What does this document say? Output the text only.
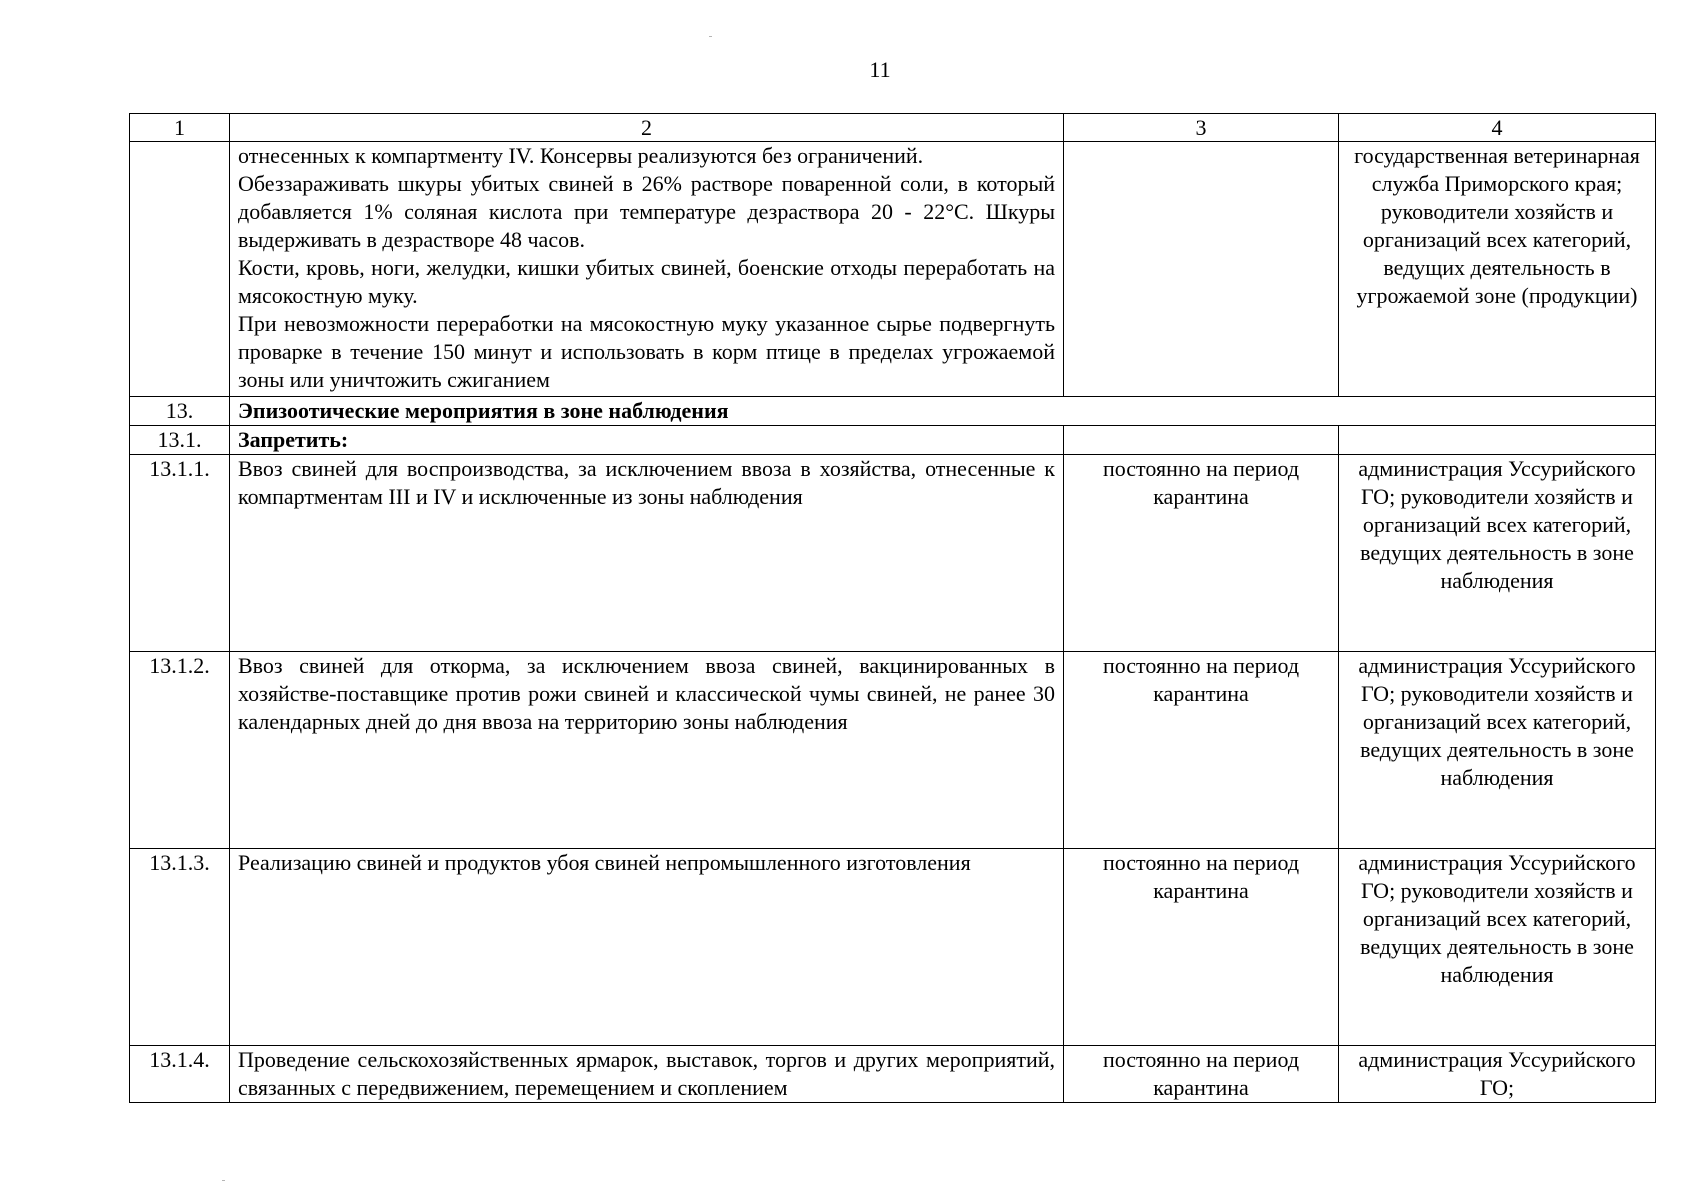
11
1	2	3	4

	отнесенных к компартменту IV. Консервы реализуются без ограничений.

Обеззараживать шкуры убитых свиней в 26% растворе поваренной соли, в который добавляется 1% соляная кислота при температуре дезраствора 20 - 22°С. Шкуры выдерживать в дезрастворе 48 часов.

Кости, кровь, ноги, желудки, кишки убитых свиней, боенские отходы переработать на мясокостную муку.

При невозможности переработки на мясокостную муку указанное сырье подвергнуть проварке в течение 150 минут и использовать в корм птице в пределах угрожаемой зоны или уничтожить сжиганием		государственная ветеринарная служба Приморского края; руководители хозяйств и организаций всех категорий, ведущих деятельность в угрожаемой зоне (продукции)
13.	Эпизоотические мероприятия в зоне наблюдения		
13.1.	Запретить:		
13.1.1.	Ввоз свиней для воспроизводства, за исключением ввоза в хозяйства, отнесенные к компартментам III и IV и исключенные из зоны наблюдения	постоянно на период карантина	администрация Уссурийского ГО; руководители хозяйств и организаций всех категорий, ведущих деятельность в зоне наблюдения
13.1.2.	Ввоз свиней для откорма, за исключением ввоза свиней, вакцинированных в хозяйстве-поставщике против рожи свиней и классической чумы свиней, не ранее 30 календарных дней до дня ввоза на территорию зоны наблюдения	постоянно на период карантина	администрация Уссурийского ГО; руководители хозяйств и организаций всех категорий, ведущих деятельность в зоне наблюдения
13.1.3.	Реализацию свиней и продуктов убоя свиней непромышленного изготовления	постоянно на период карантина	администрация Уссурийского ГО; руководители хозяйств и организаций всех категорий, ведущих деятельность в зоне наблюдения
13.1.4.	Проведение сельскохозяйственных ярмарок, выставок, торгов и других мероприятий, связанных с передвижением, перемещением и скоплением	постоянно на период карантина	администрация Уссурийского ГО;
